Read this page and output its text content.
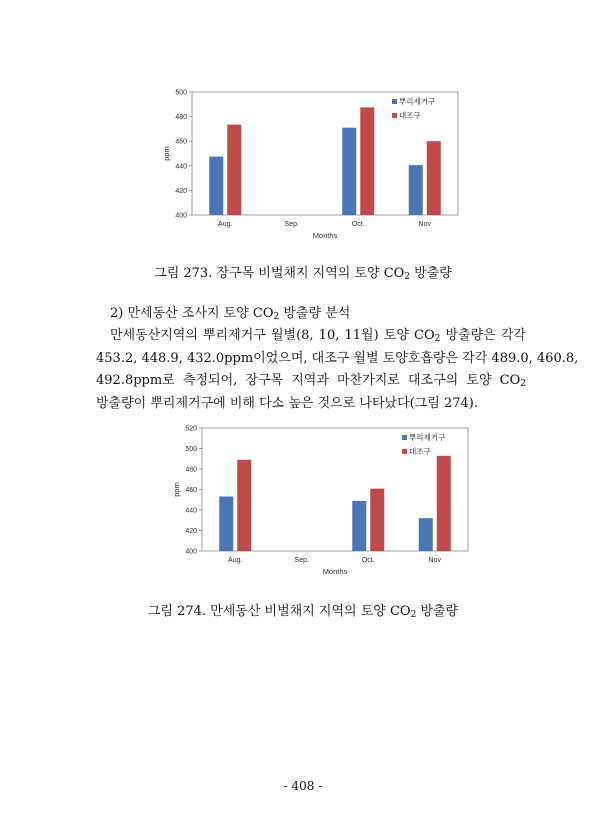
400
420
440
460
480
500
ppm
Aug.	Sep.	Oct.	Nov
Months
뿌리제거구
대조구
그림 273. 장구목 비벌채지 지역의 토양 $CO_2$ 방출량
2) 만세동산 조사지 토양 $CO_2$ 방출량 분석
만세동산지역의 뿌리제거구 월별(8, 10, 11월) 토양 $CO_2$ 방출량은 각각
453.2, 448.9, 432.0ppm이었으며, 대조구 월별 토양호흡량은 각각 489.0, 460.8,
492.8ppm로 측정되어, 장구목 지역과 마찬가지로 대조구의 토양 $CO_2$
방출량이 뿌리제거구에 비해 다소 높은 것으로 나타났다(그림 274).
400
420
440
460
480
500
520
ppm
Aug.	Sep.	Oct.	Nov
Months
뿌리제거구
대조구
그림 274. 만세동산 비벌채지 지역의 토양 $CO_2$ 방출량
- 408 -
